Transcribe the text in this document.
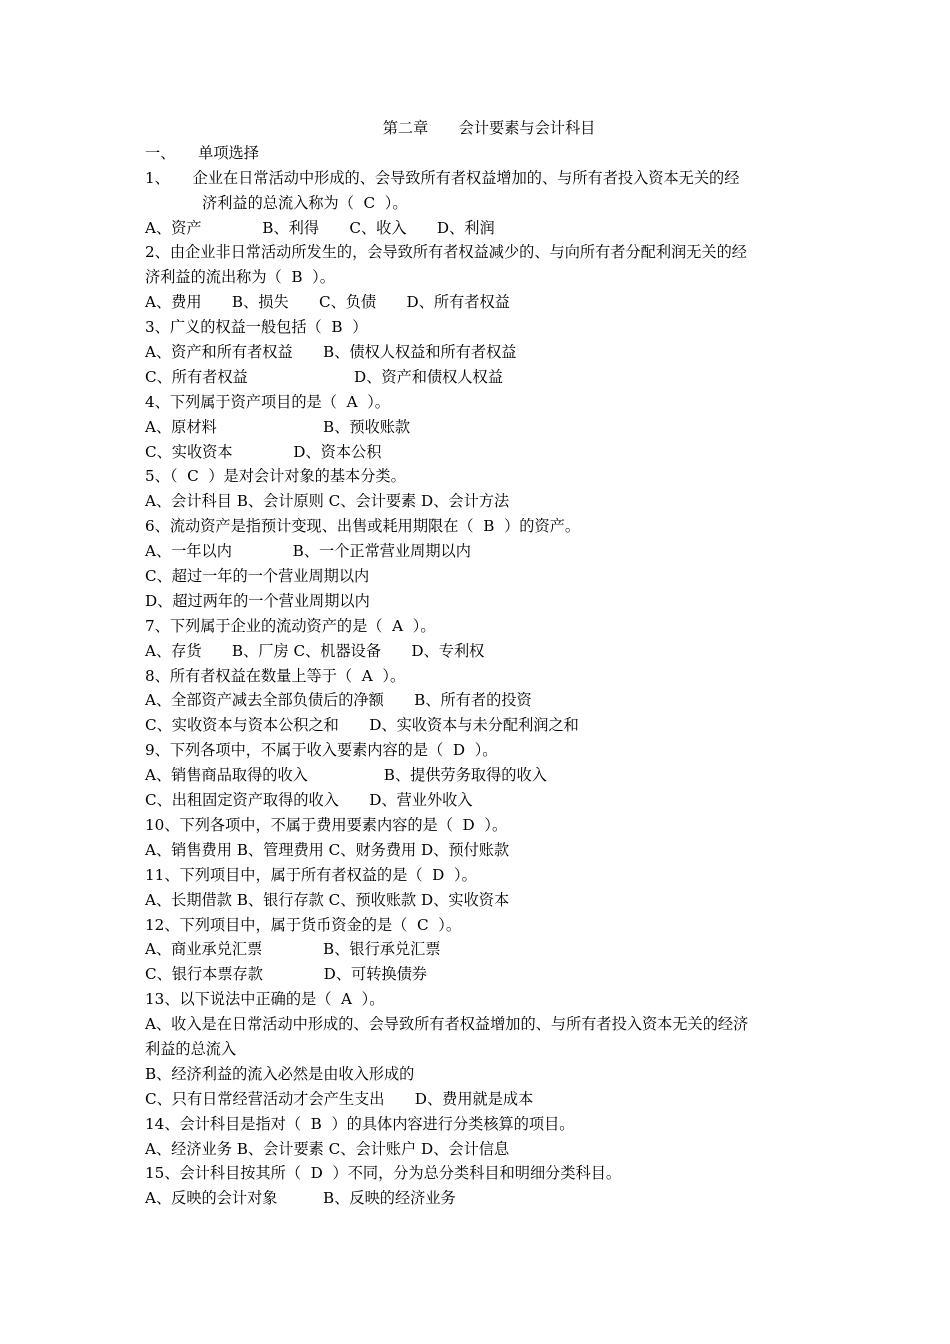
第二章　　会计要素与会计科目
一、　　单项选择
1、　　企业在日常活动中形成的、会导致所有者权益增加的、与所有者投入资本无关的经
济利益的总流入称为（  C  ）。
A、资产　　　　B、利得　　C、收入　　D、利润
2、由企业非日常活动所发生的，会导致所有者权益减少的、与向所有者分配利润无关的经
济利益的流出称为（  B  ）。
A、费用　　B、损失　　C、负债　　D、所有者权益
3、广义的权益一般包括（  B  ）
A、资产和所有者权益　　B、债权人权益和所有者权益
C、所有者权益　　　　　　　D、资产和债权人权益
4、下列属于资产项目的是（  A  ）。
A、原材料　　　　　　　B、预收账款
C、实收资本　　　　D、资本公积
5、（  C  ）是对会计对象的基本分类。
A、会计科目 B、会计原则 C、会计要素 D、会计方法
6、流动资产是指预计变现、出售或耗用期限在（  B  ）的资产。
A、一年以内　　　　B、一个正常营业周期以内
C、超过一年的一个营业周期以内
D、超过两年的一个营业周期以内
7、下列属于企业的流动资产的是（  A  ）。
A、存货　　B、厂房 C、机器设备　　D、专利权
8、所有者权益在数量上等于（  A  ）。
A、全部资产减去全部负债后的净额　　B、所有者的投资
C、实收资本与资本公积之和　　D、实收资本与未分配利润之和
9、下列各项中，不属于收入要素内容的是（  D  ）。
A、销售商品取得的收入　　　　　B、提供劳务取得的收入
C、出租固定资产取得的收入　　D、营业外收入
10、下列各项中，不属于费用要素内容的是（  D  ）。
A、销售费用 B、管理费用 C、财务费用 D、预付账款
11、下列项目中，属于所有者权益的是（  D  ）。
A、长期借款 B、银行存款 C、预收账款 D、实收资本
12、下列项目中，属于货币资金的是（  C  ）。
A、商业承兑汇票　　　　B、银行承兑汇票
C、银行本票存款　　　　D、可转换债券
13、以下说法中正确的是（  A  ）。
A、收入是在日常活动中形成的、会导致所有者权益增加的、与所有者投入资本无关的经济
利益的总流入
B、经济利益的流入必然是由收入形成的
C、只有日常经营活动才会产生支出　　D、费用就是成本
14、会计科目是指对（  B  ）的具体内容进行分类核算的项目。
A、经济业务 B、会计要素 C、会计账户 D、会计信息
15、会计科目按其所（  D  ）不同，分为总分类科目和明细分类科目。
A、反映的会计对象　　　B、反映的经济业务
